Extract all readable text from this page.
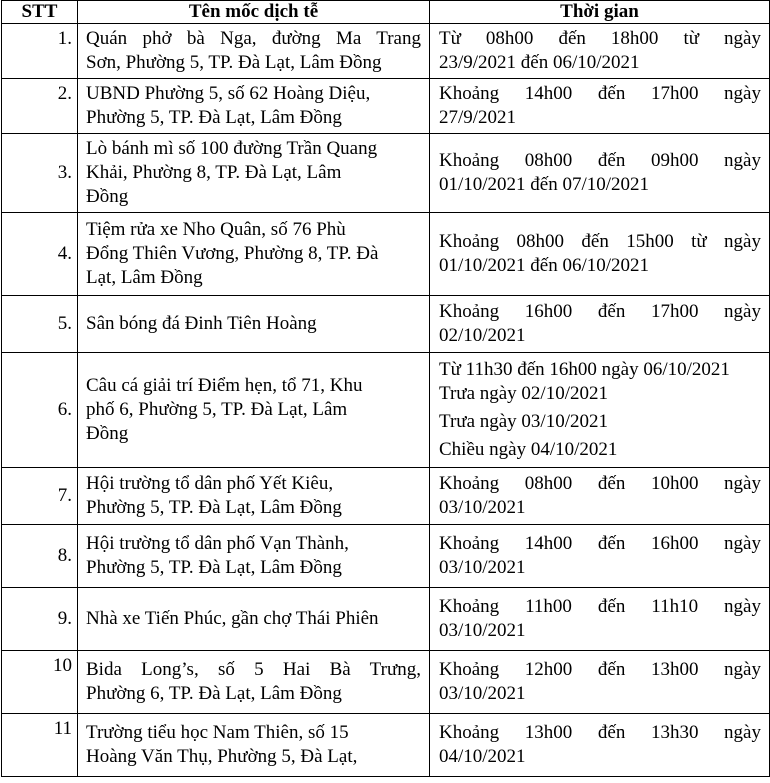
STT	Tên mốc dịch tễ	Thời gian
1.	Quán phở bà Nga, đường Ma Trang
Sơn, Phường 5, TP. Đà Lạt, Lâm Đồng	Từ 08h00 đến 18h00 từ ngày
23/9/2021 đến 06/10/2021

2.	UBND Phường 5, số 62 Hoàng Diệu,
Phường 5, TP. Đà Lạt, Lâm Đồng	Khoảng 14h00 đến 17h00 ngày
27/9/2021

3.	Lò bánh mì số 100 đường Trần Quang
Khải, Phường 8, TP. Đà Lạt, Lâm
Đồng	Khoảng 08h00 đến 09h00 ngày
01/10/2021 đến 07/10/2021

4.	Tiệm rửa xe Nho Quân, số 76 Phù
Đổng Thiên Vương, Phường 8, TP. Đà
Lạt, Lâm Đồng	Khoảng 08h00 đến 15h00 từ ngày
01/10/2021 đến 06/10/2021

5.	Sân bóng đá Đinh Tiên Hoàng	Khoảng 16h00 đến 17h00 ngày
02/10/2021

6.	Câu cá giải trí Điểm hẹn, tổ 71, Khu
phố 6, Phường 5, TP. Đà Lạt, Lâm
Đồng	Từ 11h30 đến 16h00 ngày 06/10/2021
Trưa ngày 02/10/2021
Trưa ngày 03/10/2021
Chiều ngày 04/10/2021

7.	Hội trường tổ dân phố Yết Kiêu,
Phường 5, TP. Đà Lạt, Lâm Đồng	Khoảng 08h00 đến 10h00 ngày
03/10/2021

8.	Hội trường tổ dân phố Vạn Thành,
Phường 5, TP. Đà Lạt, Lâm Đồng	Khoảng 14h00 đến 16h00 ngày
03/10/2021

9.	Nhà xe Tiến Phúc, gần chợ Thái Phiên	Khoảng 11h00 đến 11h10 ngày
03/10/2021

10	Bida Long’s, số 5 Hai Bà Trưng,
Phường 6, TP. Đà Lạt, Lâm Đồng	Khoảng 12h00 đến 13h00 ngày
03/10/2021

11	Trường tiểu học Nam Thiên, số 15
Hoàng Văn Thụ, Phường 5, Đà Lạt,	Khoảng 13h00 đến 13h30 ngày
04/10/2021
